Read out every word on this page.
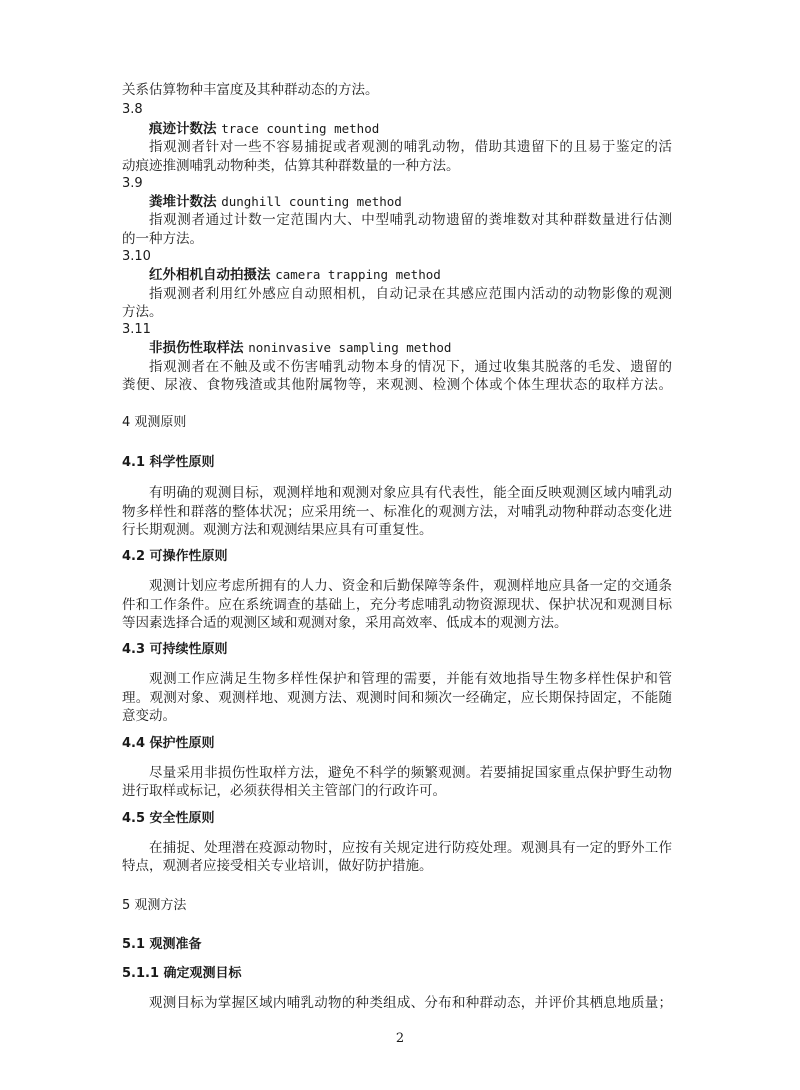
关系估算物种丰富度及其种群动态的方法。
3.8
痕迹计数法 trace counting method
指观测者针对一些不容易捕捉或者观测的哺乳动物，借助其遗留下的且易于鉴定的活
动痕迹推测哺乳动物种类，估算其种群数量的一种方法。
3.9
粪堆计数法 dunghill counting method
指观测者通过计数一定范围内大、中型哺乳动物遗留的粪堆数对其种群数量进行估测
的一种方法。
3.10
红外相机自动拍摄法 camera trapping method
指观测者利用红外感应自动照相机，自动记录在其感应范围内活动的动物影像的观测
方法。
3.11
非损伤性取样法 noninvasive sampling method
指观测者在不触及或不伤害哺乳动物本身的情况下，通过收集其脱落的毛发、遗留的
粪便、尿液、食物残渣或其他附属物等，来观测、检测个体或个体生理状态的取样方法。
4 观测原则
4.1 科学性原则
有明确的观测目标，观测样地和观测对象应具有代表性，能全面反映观测区域内哺乳动
物多样性和群落的整体状况；应采用统一、标准化的观测方法，对哺乳动物种群动态变化进
行长期观测。观测方法和观测结果应具有可重复性。
4.2 可操作性原则
观测计划应考虑所拥有的人力、资金和后勤保障等条件，观测样地应具备一定的交通条
件和工作条件。应在系统调查的基础上，充分考虑哺乳动物资源现状、保护状况和观测目标
等因素选择合适的观测区域和观测对象，采用高效率、低成本的观测方法。
4.3 可持续性原则
观测工作应满足生物多样性保护和管理的需要，并能有效地指导生物多样性保护和管
理。观测对象、观测样地、观测方法、观测时间和频次一经确定，应长期保持固定，不能随
意变动。
4.4 保护性原则
尽量采用非损伤性取样方法，避免不科学的频繁观测。若要捕捉国家重点保护野生动物
进行取样或标记，必须获得相关主管部门的行政许可。
4.5 安全性原则
在捕捉、处理潜在疫源动物时，应按有关规定进行防疫处理。观测具有一定的野外工作
特点，观测者应接受相关专业培训，做好防护措施。
5 观测方法
5.1 观测准备
5.1.1 确定观测目标
观测目标为掌握区域内哺乳动物的种类组成、分布和种群动态，并评价其栖息地质量；
2
